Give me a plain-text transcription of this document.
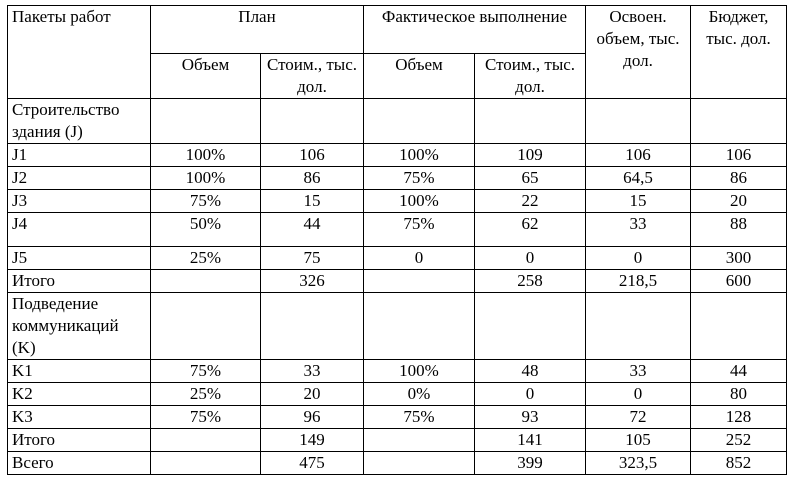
Пакеты работ	План		Фактическое выполнение		Освоен. объем, тыс. дол.	Бюджет, тыс. дол.
	Объем	Стоим., тыс. дол.	Объем	Стоим., тыс. дол.		
Строительство здания (J)						
J1	100%	106	100%	109	106	106
J2	100%	86	75%	65	64,5	86
J3	75%	15	100%	22	15	20
J4	50%	44	75%	62	33	88
J5	25%	75	0	0	0	300
Итого		326		258	218,5	600
Подведение коммуникаций (K)						
K1	75%	33	100%	48	33	44
K2	25%	20	0%	0	0	80
K3	75%	96	75%	93	72	128
Итого		149		141	105	252
Всего		475		399	323,5	852
